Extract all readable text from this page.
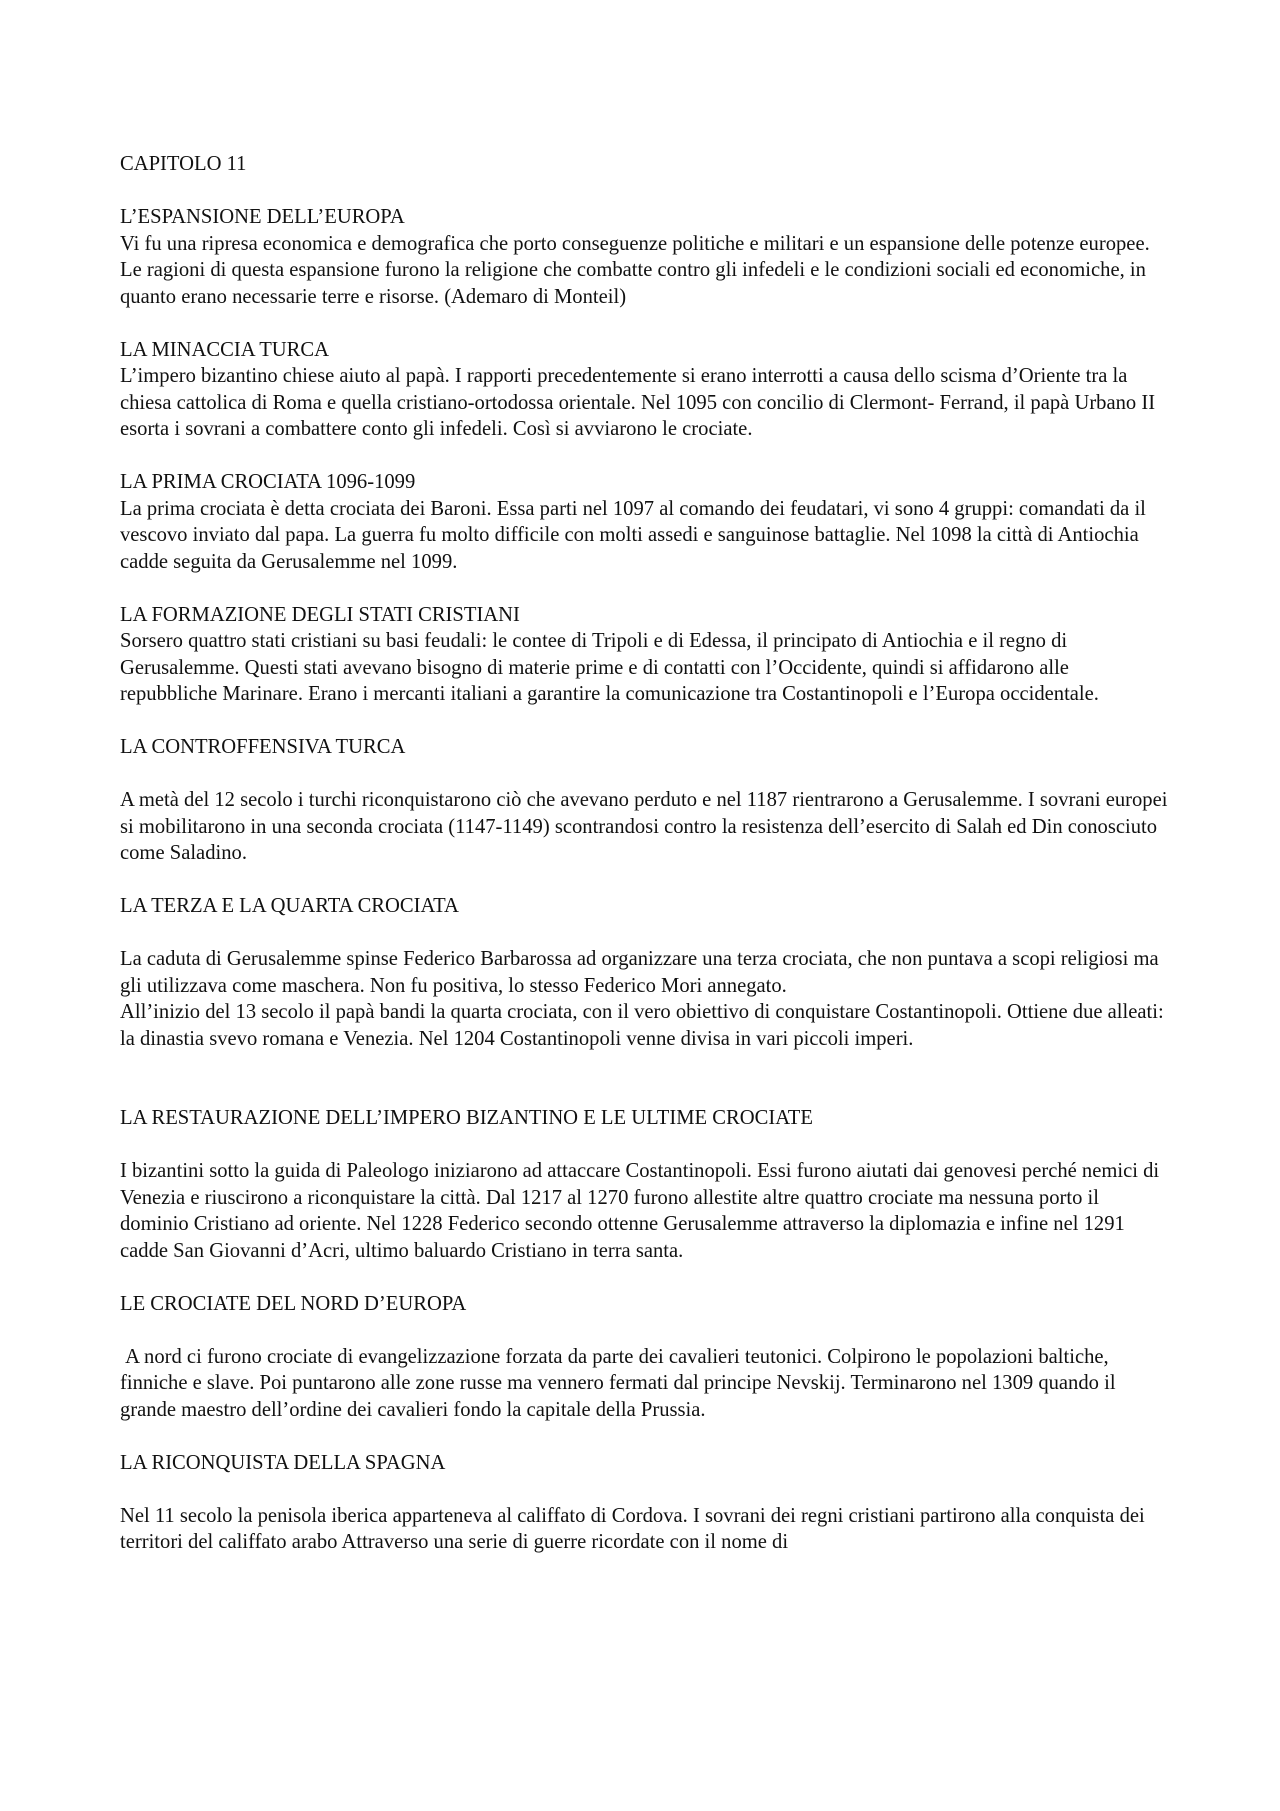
CAPITOLO 11
L’ESPANSIONE DELL’EUROPA
Vi fu una ripresa economica e demografica che porto conseguenze politiche e militari e un espansione delle potenze europee. Le ragioni di questa espansione furono la religione che combatte contro gli infedeli e le condizioni sociali ed economiche, in quanto erano necessarie terre e risorse. (Ademaro di Monteil)
LA MINACCIA TURCA
L’impero bizantino chiese aiuto al papà. I rapporti precedentemente si erano interrotti a causa dello scisma d’Oriente tra la chiesa cattolica di Roma e quella cristiano-ortodossa orientale. Nel 1095 con concilio di Clermont- Ferrand, il papà Urbano II esorta i sovrani a combattere conto gli infedeli. Così si avviarono le crociate.
LA PRIMA CROCIATA 1096-1099
La prima crociata è detta crociata dei Baroni. Essa parti nel 1097 al comando dei feudatari, vi sono 4 gruppi: comandati da il vescovo inviato dal papa. La guerra fu molto difficile con molti assedi e sanguinose battaglie. Nel 1098 la città di Antiochia cadde seguita da Gerusalemme nel 1099.
LA FORMAZIONE DEGLI STATI CRISTIANI
Sorsero quattro stati cristiani su basi feudali: le contee di Tripoli e di Edessa, il principato di Antiochia e il regno di Gerusalemme. Questi stati avevano bisogno di materie prime e di contatti con l’Occidente, quindi si affidarono alle repubbliche Marinare. Erano i mercanti italiani a garantire la comunicazione tra Costantinopoli e l’Europa occidentale.
LA CONTROFFENSIVA TURCA
A metà del 12 secolo i turchi riconquistarono ciò che avevano perduto e nel 1187 rientrarono a Gerusalemme. I sovrani europei si mobilitarono in una seconda crociata (1147-1149) scontrandosi contro la resistenza dell’esercito di Salah ed Din conosciuto come Saladino.
LA TERZA E LA QUARTA CROCIATA
La caduta di Gerusalemme spinse Federico Barbarossa ad organizzare una terza crociata, che non puntava a scopi religiosi ma gli utilizzava come maschera. Non fu positiva, lo stesso Federico Mori annegato.
All’inizio del 13 secolo il papà bandi la quarta crociata, con il vero obiettivo di conquistare Costantinopoli. Ottiene due alleati: la dinastia svevo romana e Venezia. Nel 1204 Costantinopoli venne divisa in vari piccoli imperi.
LA RESTAURAZIONE DELL’IMPERO BIZANTINO E LE ULTIME CROCIATE
I bizantini sotto la guida di Paleologo iniziarono ad attaccare Costantinopoli. Essi furono aiutati dai genovesi perché nemici di Venezia e riuscirono a riconquistare la città. Dal 1217 al 1270 furono allestite altre quattro crociate ma nessuna porto il dominio Cristiano ad oriente. Nel 1228 Federico secondo ottenne Gerusalemme attraverso la diplomazia e infine nel 1291 cadde San Giovanni d’Acri, ultimo baluardo Cristiano in terra santa.
LE CROCIATE DEL NORD D’EUROPA
A nord ci furono crociate di evangelizzazione forzata da parte dei cavalieri teutonici. Colpirono le popolazioni baltiche, finniche e slave. Poi puntarono alle zone russe ma vennero fermati dal principe Nevskij. Terminarono nel 1309 quando il grande maestro dell’ordine dei cavalieri fondo la capitale della Prussia.
LA RICONQUISTA DELLA SPAGNA
Nel 11 secolo la penisola iberica apparteneva al califfato di Cordova. I sovrani dei regni cristiani partirono alla conquista dei territori del califfato arabo Attraverso una serie di guerre ricordate con il nome di
